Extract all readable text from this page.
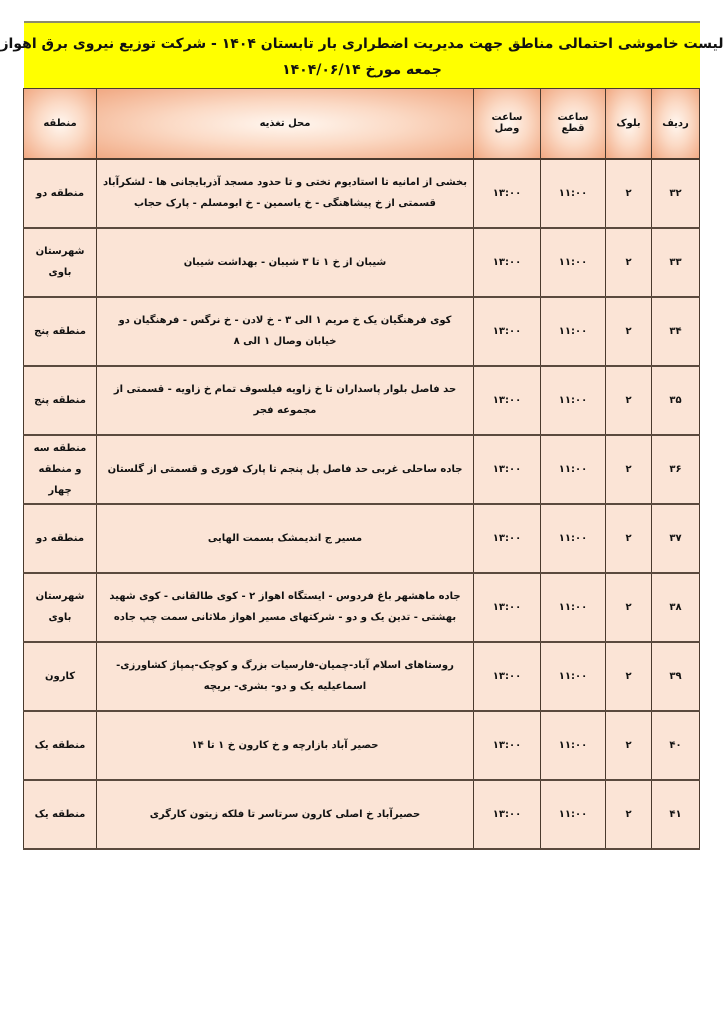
لیست خاموشی احتمالی مناطق جهت مدیریت اضطراری بار تابستان ۱۴۰۴ - شرکت توزیع نیروی برق اهواز
جمعه مورخ ۱۴۰۴/۰۶/۱۴
ردیف	بلوک	ساعت قطع	ساعت وصل	محل تغذیه	منطقه
۳۲	۲	۱۱:۰۰	۱۳:۰۰	بخشی از امانیه تا استادیوم تختی و تا حدود مسجد آذربایجانی ها - لشکرآباد قسمتی از خ پیشاهنگی - خ یاسمین - خ ابومسلم - پارک حجاب	منطقه دو
۳۳	۲	۱۱:۰۰	۱۳:۰۰	شیبان از خ ۱ تا ۳ شیبان - بهداشت شیبان	شهرستان باوی
۳۴	۲	۱۱:۰۰	۱۳:۰۰	کوی فرهنگیان یک خ مریم ۱ الی ۳ - خ لادن - خ نرگس - فرهنگیان دو خیابان وصال ۱ الی ۸	منطقه پنج
۳۵	۲	۱۱:۰۰	۱۳:۰۰	حد فاصل بلوار پاسداران تا خ زاویه فیلسوف تمام خ زاویه - قسمتی از مجموعه فجر	منطقه پنج
۳۶	۲	۱۱:۰۰	۱۳:۰۰	جاده ساحلی غربی حد فاصل پل پنجم تا پارک فوری و قسمتی از گلستان	منطقه سه و منطقه چهار
۳۷	۲	۱۱:۰۰	۱۳:۰۰	مسیر ج اندیمشک بسمت الهایی	منطقه دو
۳۸	۲	۱۱:۰۰	۱۳:۰۰	جاده ماهشهر باغ فردوس - ایستگاه اهواز ۲ - کوی طالقانی - کوی شهید بهشتی - تدین یک و دو - شرکتهای مسیر اهواز ملاثانی سمت چپ جاده	شهرستان باوی
۳۹	۲	۱۱:۰۰	۱۳:۰۰	روستاهای اسلام آباد-چمیان-فارسیات بزرگ و کوچک-پمپاژ کشاورزی- اسماعیلیه یک و دو- بشری- بریچه	کارون
۴۰	۲	۱۱:۰۰	۱۳:۰۰	حصیر آباد بازارچه و خ کارون خ ۱ تا ۱۴	منطقه یک
۴۱	۲	۱۱:۰۰	۱۳:۰۰	حصیرآباد خ اصلی کارون سرتاسر تا فلکه زیتون کارگری	منطقه یک
